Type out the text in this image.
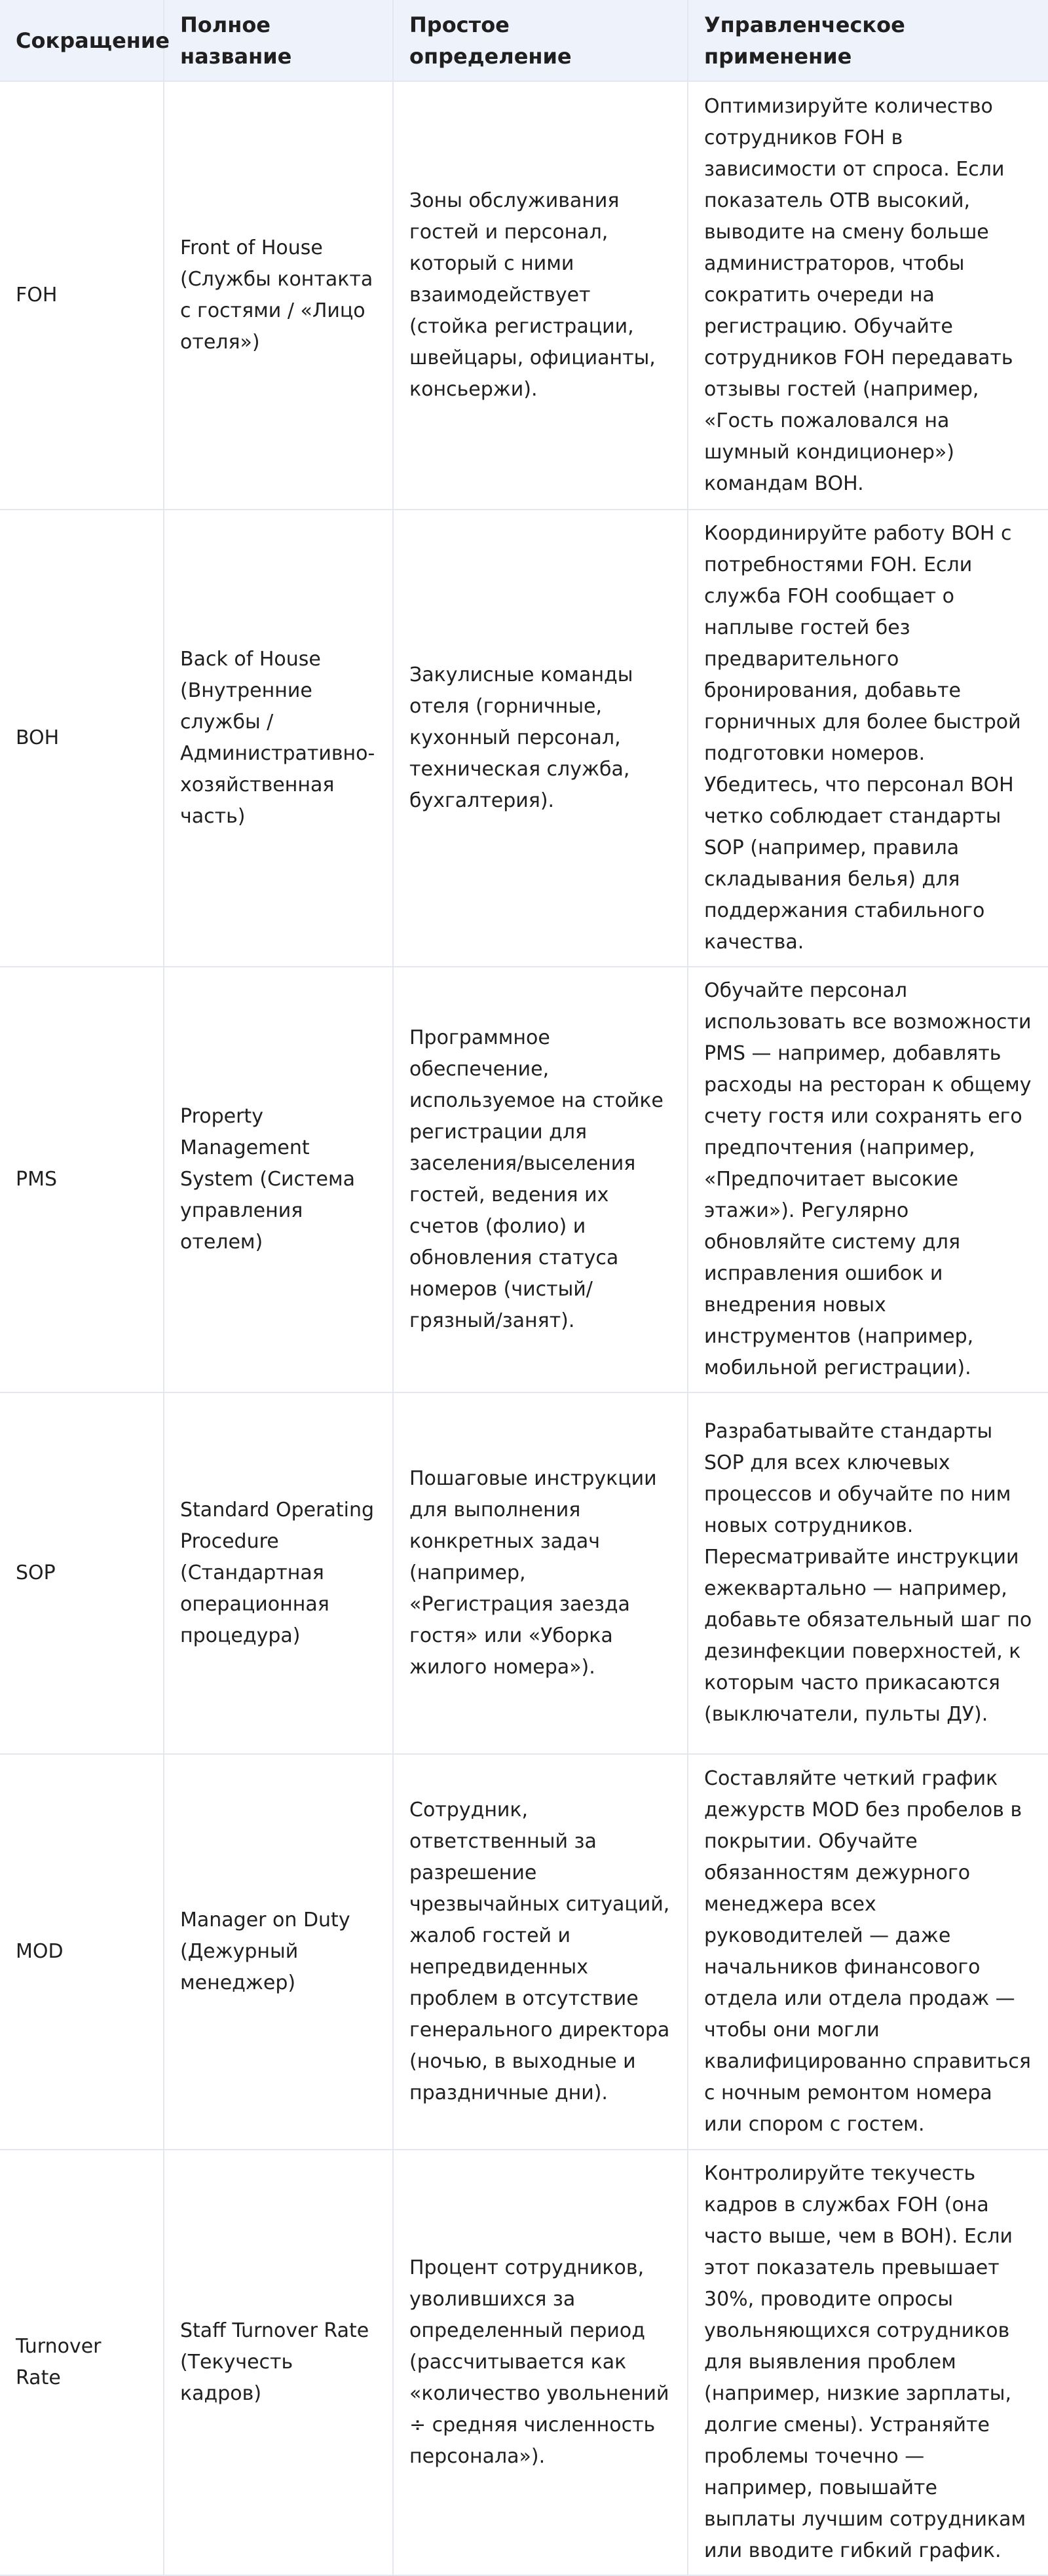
Сокращение	Полное название	Простое определение	Управленческое применение
FOH	Front of House (Службы контакта с гостями / «Лицо отеля»)	Зоны обслуживания гостей и персонал, который с ними взаимодействует (стойка регистрации, швейцары, официанты, консьержи).	Оптимизируйте количество сотрудников FOH в зависимости от спроса. Если показатель OTB высокий, выводите на смену больше администраторов, чтобы сократить очереди на регистрацию. Обучайте сотрудников FOH передавать отзывы гостей (например, «Гость пожаловался на шумный кондиционер») командам BOH.
BOH	Back of House (Внутренние службы / Административно-хозяйственная часть)	Закулисные команды отеля (горничные, кухонный персонал, техническая служба, бухгалтерия).	Координируйте работу BOH с потребностями FOH. Если служба FOH сообщает о наплыве гостей без предварительного бронирования, добавьте горничных для более быстрой подготовки номеров. Убедитесь, что персонал BOH четко соблюдает стандарты SOP (например, правила складывания белья) для поддержания стабильного качества.
PMS	Property Management System (Система управления отелем)	Программное обеспечение, используемое на стойке регистрации для заселения/выселения гостей, ведения их счетов (фолио) и обновления статуса номеров (чистый/грязный/занят).	Обучайте персонал использовать все возможности PMS — например, добавлять расходы на ресторан к общему счету гостя или сохранять его предпочтения (например, «Предпочитает высокие этажи»). Регулярно обновляйте систему для исправления ошибок и внедрения новых инструментов (например, мобильной регистрации).
SOP	Standard Operating Procedure (Стандартная операционная процедура)	Пошаговые инструкции для выполнения конкретных задач (например, «Регистрация заезда гостя» или «Уборка жилого номера»).	Разрабатывайте стандарты SOP для всех ключевых процессов и обучайте по ним новых сотрудников. Пересматривайте инструкции ежеквартально — например, добавьте обязательный шаг по дезинфекции поверхностей, к которым часто прикасаются (выключатели, пульты ДУ).
MOD	Manager on Duty (Дежурный менеджер)	Сотрудник, ответственный за разрешение чрезвычайных ситуаций, жалоб гостей и непредвиденных проблем в отсутствие генерального директора (ночью, в выходные и праздничные дни).	Составляйте четкий график дежурств MOD без пробелов в покрытии. Обучайте обязанностям дежурного менеджера всех руководителей — даже начальников финансового отдела или отдела продаж — чтобы они могли квалифицированно справиться с ночным ремонтом номера или спором с гостем.
Turnover Rate	Staff Turnover Rate (Текучесть кадров)	Процент сотрудников, уволившихся за определенный период (рассчитывается как «количество увольнений ÷ средняя численность персонала»).	Контролируйте текучесть кадров в службах FOH (она часто выше, чем в BOH). Если этот показатель превышает 30%, проводите опросы увольняющихся сотрудников для выявления проблем (например, низкие зарплаты, долгие смены). Устраняйте проблемы точечно — например, повышайте выплаты лучшим сотрудникам или вводите гибкий график.
